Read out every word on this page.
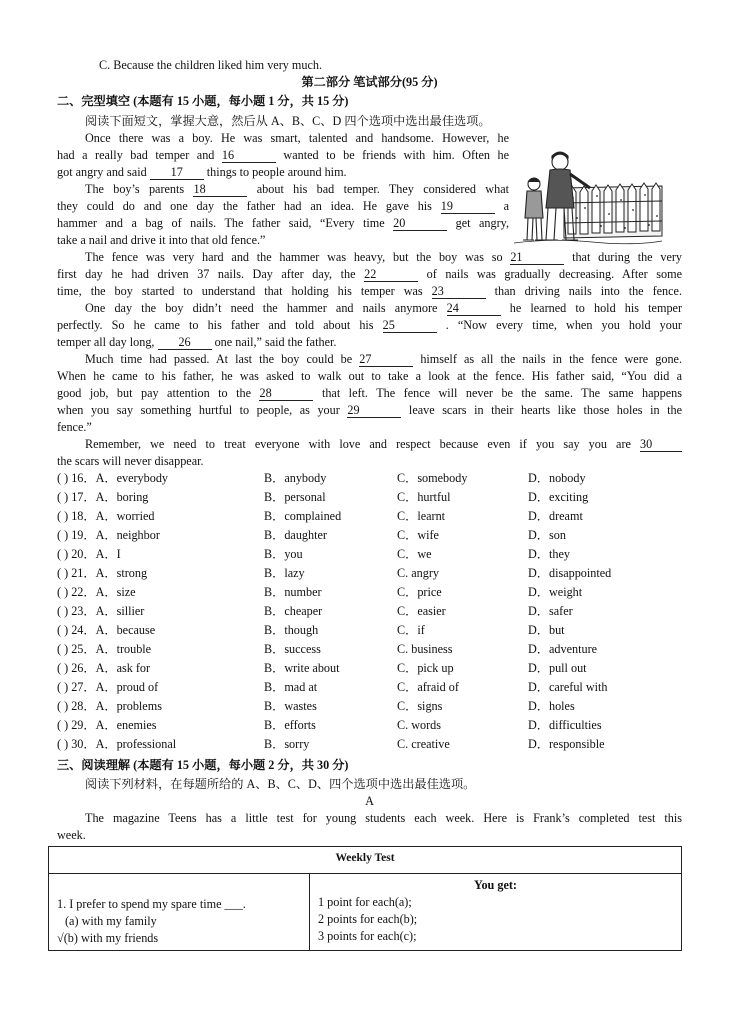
C. Because the children liked him very much.
第二部分 笔试部分(95 分)
二、完型填空 (本题有 15 小题，每小题 1 分，共 15 分)
阅读下面短文，掌握大意，然后从 A、B、C、D 四个选项中选出最佳选项。
Once there was a boy. He was smart, talented and handsome. However, he
had a really bad temper and 16	wanted to be friends with him. Often he
got angry and said 17 things to people around him.
The boy’s parents 18	about his bad temper. They considered what
they could do and one day the father had an idea. He gave his 19	a
hammer and a bag of nails. The father said, “Every time 20	get angry,
take a nail and drive it into that old fence.”
The fence was very hard and the hammer was heavy, but the boy was so 21	that during the very
first day he had driven 37 nails. Day after day, the 22	of nails was gradually decreasing. After some
time, the boy started to understand that holding his temper was 23	than driving nails into the fence.
One day the boy didn’t need the hammer and nails anymore 24	he learned to hold his temper
perfectly. So he came to his father and told about his 25	. “Now every time, when you hold your
temper all day long, 26 one nail,” said the father.
Much time had passed. At last the boy could be 27	himself as all the nails in the fence were gone.
When he came to his father, he was asked to walk out to take a look at the fence. His father said, “You did a
good job, but pay attention to the 28	that left. The fence will never be the same. The same happens
when you say something hurtful to people, as your 29	leave scars in their hearts like those holes in the
fence.”
Remember, we need to treat everyone with love and respect because even if you say you are 30
the scars will never disappear.
( ) 16．A．everybody	B．anybody	C．somebody	D．nobody
( ) 17．A．boring	B．personal	C．hurtful	D．exciting
( ) 18．A．worried	B．complained	C．learnt	D．dreamt
( ) 19．A．neighbor	B．daughter	C．wife	D．son
( ) 20．A．I	B．you	C．we	D．they
( ) 21．A．strong	B．lazy	C. angry	D．disappointed
( ) 22．A．size	B．number	C．price	D．weight
( ) 23．A．sillier	B．cheaper	C．easier	D．safer
( ) 24．A．because	B．though	C．if	D．but
( ) 25．A．trouble	B．success	C. business	D．adventure
( ) 26．A．ask for	B．write about	C．pick up	D．pull out
( ) 27．A．proud of	B．mad at	C．afraid of	D．careful with
( ) 28．A．problems	B．wastes	C．signs	D．holes
( ) 29．A．enemies	B．efforts	C. words	D．difficulties
( ) 30．A．professional	B．sorry	C. creative	D．responsible
三、阅读理解 (本题有 15 小题，每小题 2 分，共 30 分)
阅读下列材料，在每题所给的 A、B、C、D、四个选项中选出最佳选项。
A
The magazine Teens has a little test for young students each week. Here is Frank’s completed test this
week.
Weekly Test

1. I prefer to spend my spare time ___.
(a) with my family
√(b) with my friends

You get:
1 point for each(a);
2 points for each(b);
3 points for each(c);
